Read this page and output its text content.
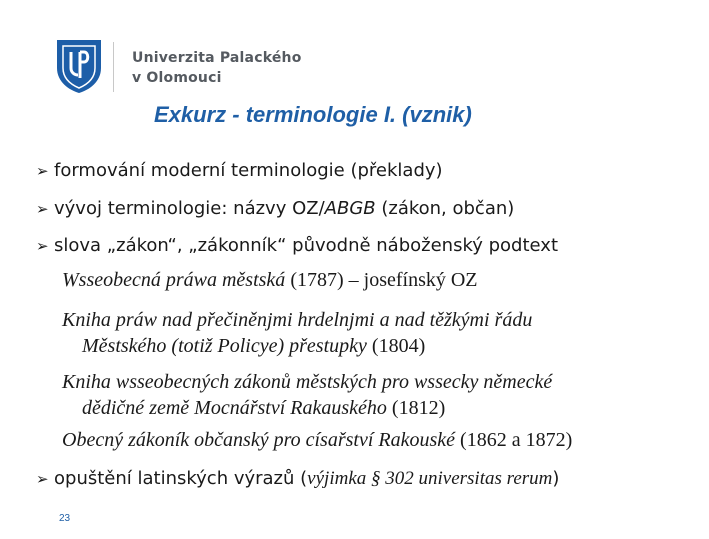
Univerzita Palackého
v Olomouci
Exkurz - terminologie I. (vznik)
➢ formování moderní terminologie (překlady)
➢ vývoj terminologie: názvy OZ/ABGB (zákon, občan)
➢ slova „zákon“, „zákonník“ původně náboženský podtext
Wsseobecná práwa městská (1787) – josefínský OZ
Kniha práw nad přečiněnjmi hrdelnjmi a nad těžkými řádu
Městského (totiž Policye) přestupky (1804)
Kniha wsseobecných zákonů městských pro wssecky německé
dědičné země Mocnářství Rakauského (1812)
Obecný zákoník občanský pro císařství Rakouské (1862 a 1872)
➢ opuštění latinských výrazů (výjimka § 302 universitas rerum)
23
